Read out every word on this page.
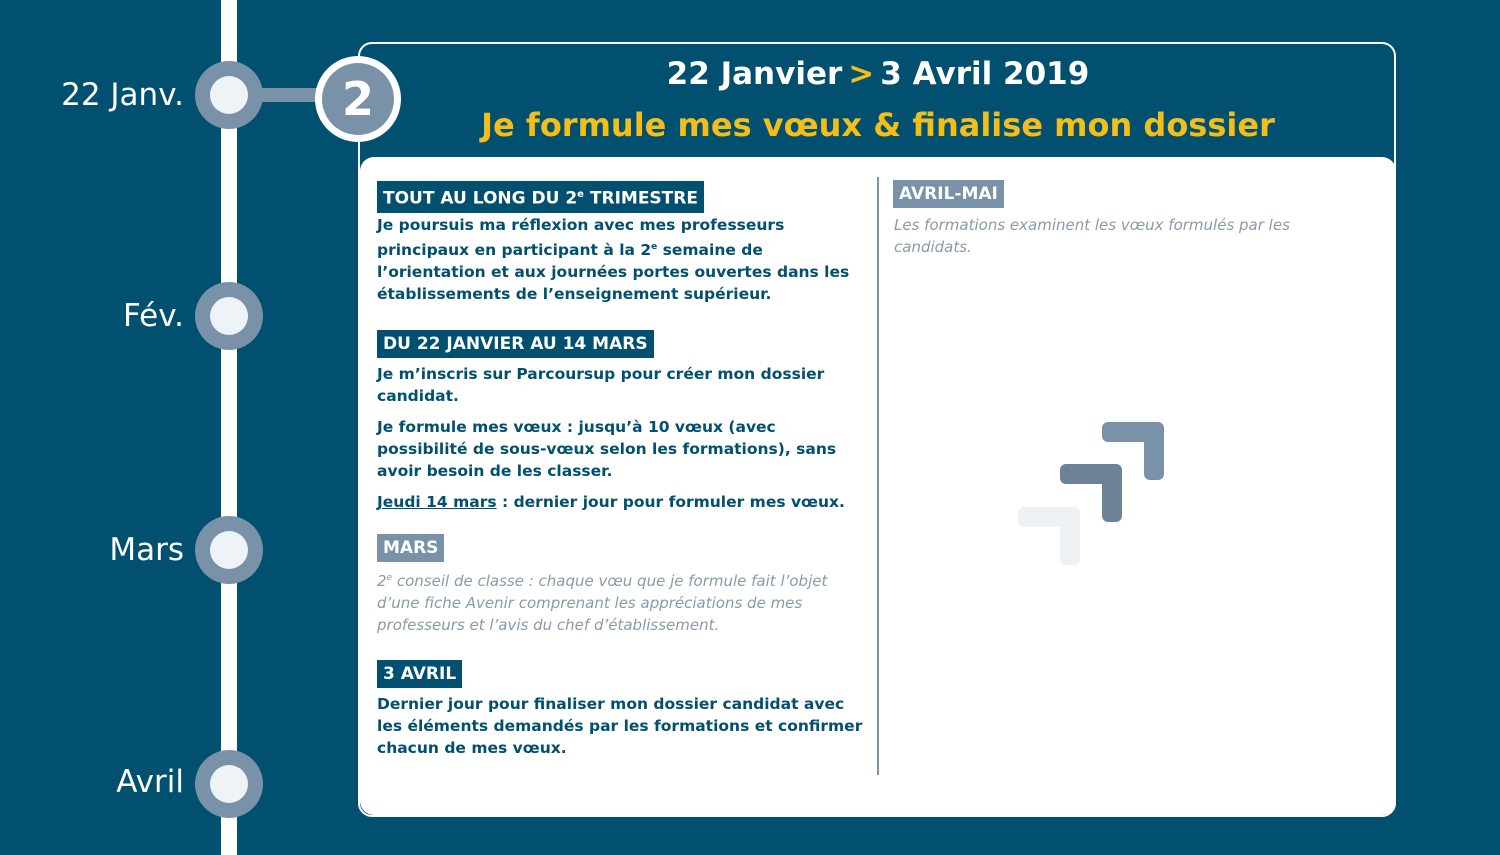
22 Janv.
Fév.
Mars
Avril
2	22 Janvier > 3 Avril 2019
Je formule mes vœux & finalise mon dossier
TOUT AU LONG DU 2e TRIMESTRE
Je poursuis ma réflexion avec mes professeurs principaux en participant à la 2e semaine de l’orientation et aux journées portes ouvertes dans les établissements de l’enseignement supérieur.
DU 22 JANVIER AU 14 MARS
Je m’inscris sur Parcoursup pour créer mon dossier candidat.
Je formule mes vœux : jusqu’à 10 vœux (avec possibilité de sous-vœux selon les formations), sans avoir besoin de les classer.
Jeudi 14 mars : dernier jour pour formuler mes vœux.
MARS
2e conseil de classe : chaque vœu que je formule fait l’objet d’une fiche Avenir comprenant les appréciations de mes professeurs et l’avis du chef d’établissement.
3 AVRIL
Dernier jour pour finaliser mon dossier candidat avec les éléments demandés par les formations et confirmer chacun de mes vœux.
AVRIL-MAI
Les formations examinent les vœux formulés par les candidats.
